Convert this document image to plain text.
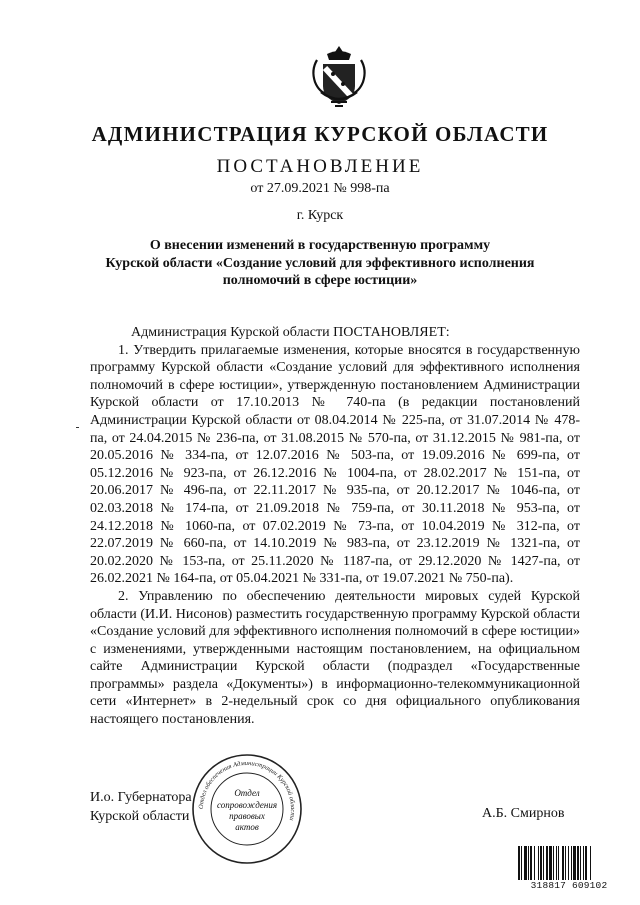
АДМИНИСТРАЦИЯ КУРСКОЙ ОБЛАСТИ
ПОСТАНОВЛЕНИЕ
от 27.09.2021 № 998-па
г. Курск
О внесении изменений в государственную программу
Курской области «Создание условий для эффективного исполнения
полномочий в сфере юстиции»

Администрация Курской области ПОСТАНОВЛЯЕТ:

1. Утвердить прилагаемые изменения, которые вносятся в государственную программу Курской области «Создание условий для эффективного исполнения полномочий в сфере юстиции», утвержденную постановлением Администрации Курской области от 17.10.2013 № 740-па (в редакции постановлений Администрации Курской области от 08.04.2014 № 225-па, от 31.07.2014 № 478-па, от 24.04.2015 № 236-па, от 31.08.2015 № 570-па, от 31.12.2015 № 981-па, от 20.05.2016 № 334-па, от 12.07.2016 № 503-па, от 19.09.2016 № 699-па, от 05.12.2016 № 923-па, от 26.12.2016 № 1004-па, от 28.02.2017 № 151-па, от 20.06.2017 № 496-па, от 22.11.2017 № 935-па, от 20.12.2017 № 1046-па, от 02.03.2018 № 174-па, от 21.09.2018 № 759-па, от 30.11.2018 № 953-па, от 24.12.2018 № 1060-па, от 07.02.2019 № 73-па, от 10.04.2019 № 312-па, от 22.07.2019 № 660-па, от 14.10.2019 № 983-па, от 23.12.2019 № 1321-па, от 20.02.2020 № 153-па, от 25.11.2020 № 1187-па, от 29.12.2020 № 1427-па, от 26.02.2021 № 164-па, от 05.04.2021 № 331-па, от 19.07.2021 № 750-па).

2. Управлению по обеспечению деятельности мировых судей Курской области (И.И. Нисонов) разместить государственную программу Курской области «Создание условий для эффективного исполнения полномочий в сфере юстиции» с изменениями, утвержденными настоящим постановлением, на официальном сайте Администрации Курской области (подраздел «Государственные программы» раздела «Документы») в информационно-телекоммуникационной сети «Интернет» в 2-недельный срок со дня официального опубликования настоящего постановления.

И.о. Губернатора
Курской области	А.Б. Смирнов
Отдел обеспечения Администрации Курской области
Отдел
сопровождения
правовых
актов
318817 609102
